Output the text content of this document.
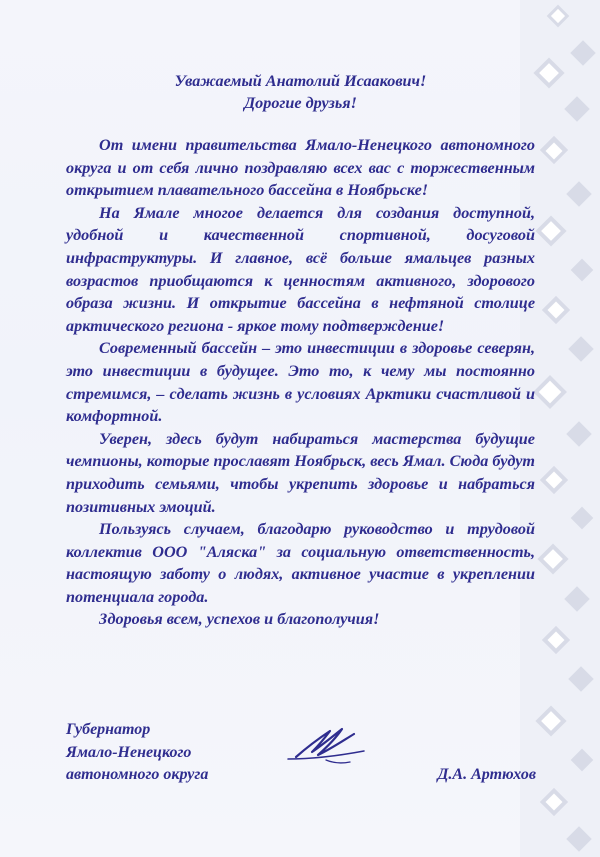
Уважаемый Анатолий Исаакович!

Дорогие друзья!

От имени правительства Ямало-Ненецкого автономного округа и от себя лично поздравляю всех вас с торжественным открытием плавательного бассейна в Ноябрьске!

На Ямале многое делается для создания доступной, удобной и качественной спортивной, досуговой инфраструктуры. И главное, всё больше ямальцев разных возрастов приобщаются к ценностям активного, здорового образа жизни. И открытие бассейна в нефтяной столице арктического региона - яркое тому подтверждение!

Современный бассейн – это инвестиции в здоровье северян, это инвестиции в будущее. Это то, к чему мы постоянно стремимся, – сделать жизнь в условиях Арктики счастливой и комфортной.

Уверен, здесь будут набираться мастерства будущие чемпионы, которые прославят Ноябрьск, весь Ямал. Сюда будут приходить семьями, чтобы укрепить здоровье и набраться позитивных эмоций.

Пользуясь случаем, благодарю руководство и трудовой коллектив ООО "Аляска" за социальную ответственность, настоящую заботу о людях, активное участие в укреплении потенциала города.

Здоровья всем, успехов и благополучия!

Губернатор
Ямало-Ненецкого
автономного округа	Д.А. Артюхов
